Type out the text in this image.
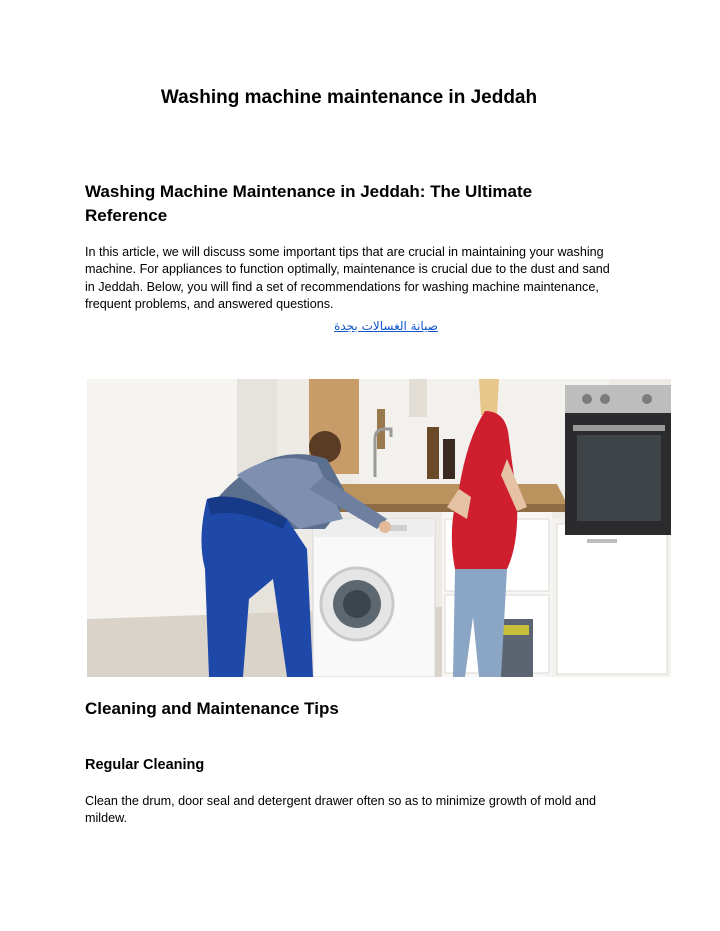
Washing machine maintenance in Jeddah
Washing Machine Maintenance in Jeddah: The Ultimate Reference

In this article, we will discuss some important tips that are crucial in maintaining your washing machine. For appliances to function optimally, maintenance is crucial due to the dust and sand in Jeddah. Below, you will find a set of recommendations for washing machine maintenance, frequent problems, and answered questions.

صيانة الغسالات بجدة
Cleaning and Maintenance Tips
Regular Cleaning

Clean the drum, door seal and detergent drawer often so as to minimize growth of mold and mildew.
